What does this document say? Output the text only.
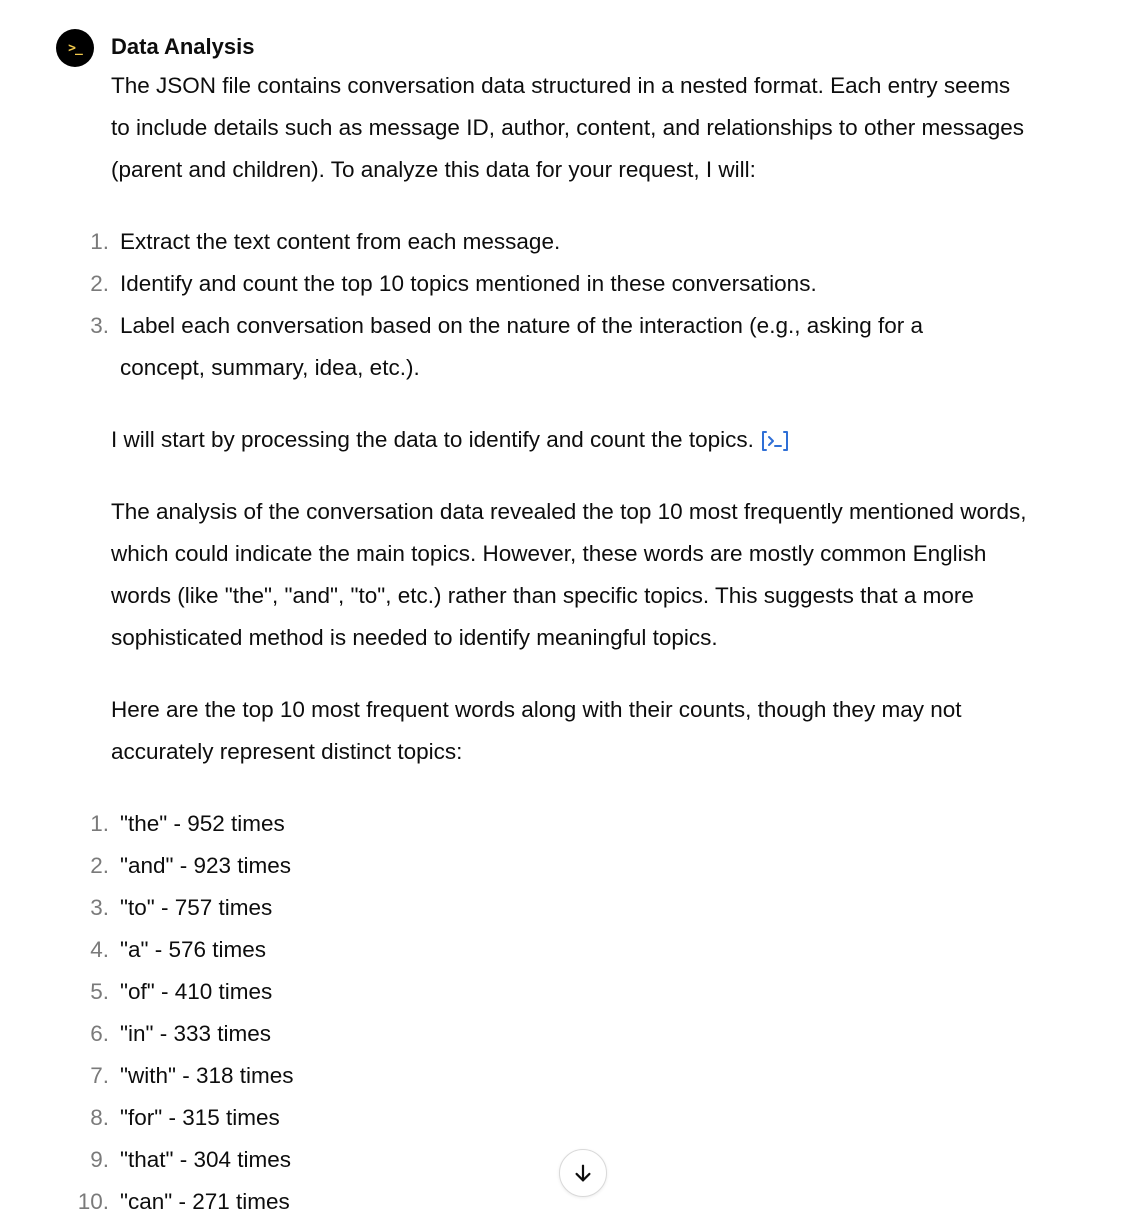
>_ Data Analysis

The JSON file contains conversation data structured in a nested format. Each entry seems to include details such as message ID, author, content, and relationships to other messages (parent and children). To analyze this data for your request, I will:

1. Extract the text content from each message.
2. Identify and count the top 10 topics mentioned in these conversations.
3. Label each conversation based on the nature of the interaction (e.g., asking for a concept, summary, idea, etc.).

I will start by processing the data to identify and count the topics.

The analysis of the conversation data revealed the top 10 most frequently mentioned words, which could indicate the main topics. However, these words are mostly common English words (like "the", "and", "to", etc.) rather than specific topics. This suggests that a more sophisticated method is needed to identify meaningful topics.

Here are the top 10 most frequent words along with their counts, though they may not accurately represent distinct topics:

1. "the" - 952 times
2. "and" - 923 times
3. "to" - 757 times
4. "a" - 576 times
5. "of" - 410 times
6. "in" - 333 times
7. "with" - 318 times
8. "for" - 315 times
9. "that" - 304 times
10. "can" - 271 times
